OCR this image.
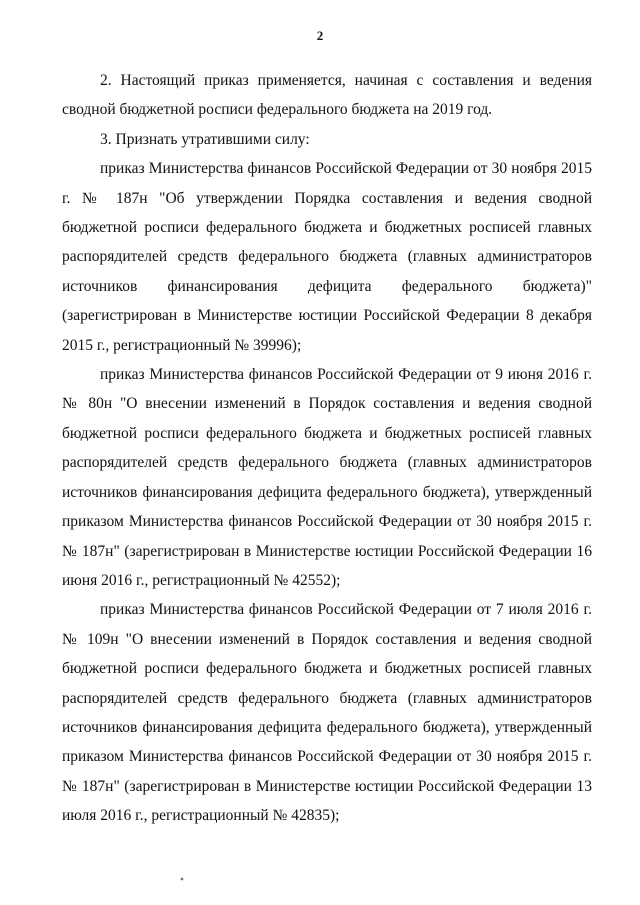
2

2. Настоящий приказ применяется, начиная с составления и ведения сводной бюджетной росписи федерального бюджета на 2019 год.

3. Признать утратившими силу:

приказ Министерства финансов Российской Федерации от 30 ноября 2015 г. № 187н "Об утверждении Порядка составления и ведения сводной бюджетной росписи федерального бюджета и бюджетных росписей главных распорядителей средств федерального бюджета (главных администраторов источников финансирования дефицита федерального бюджета)" (зарегистрирован в Министерстве юстиции Российской Федерации 8 декабря 2015 г., регистрационный № 39996);

приказ Министерства финансов Российской Федерации от 9 июня 2016 г. № 80н "О внесении изменений в Порядок составления и ведения сводной бюджетной росписи федерального бюджета и бюджетных росписей главных распорядителей средств федерального бюджета (главных администраторов источников финансирования дефицита федерального бюджета), утвержденный приказом Министерства финансов Российской Федерации от 30 ноября 2015 г. № 187н" (зарегистрирован в Министерстве юстиции Российской Федерации 16 июня 2016 г., регистрационный № 42552);

приказ Министерства финансов Российской Федерации от 7 июля 2016 г. № 109н "О внесении изменений в Порядок составления и ведения сводной бюджетной росписи федерального бюджета и бюджетных росписей главных распорядителей средств федерального бюджета (главных администраторов источников финансирования дефицита федерального бюджета), утвержденный приказом Министерства финансов Российской Федерации от 30 ноября 2015 г. № 187н" (зарегистрирован в Министерстве юстиции Российской Федерации 13 июля 2016 г., регистрационный № 42835);
